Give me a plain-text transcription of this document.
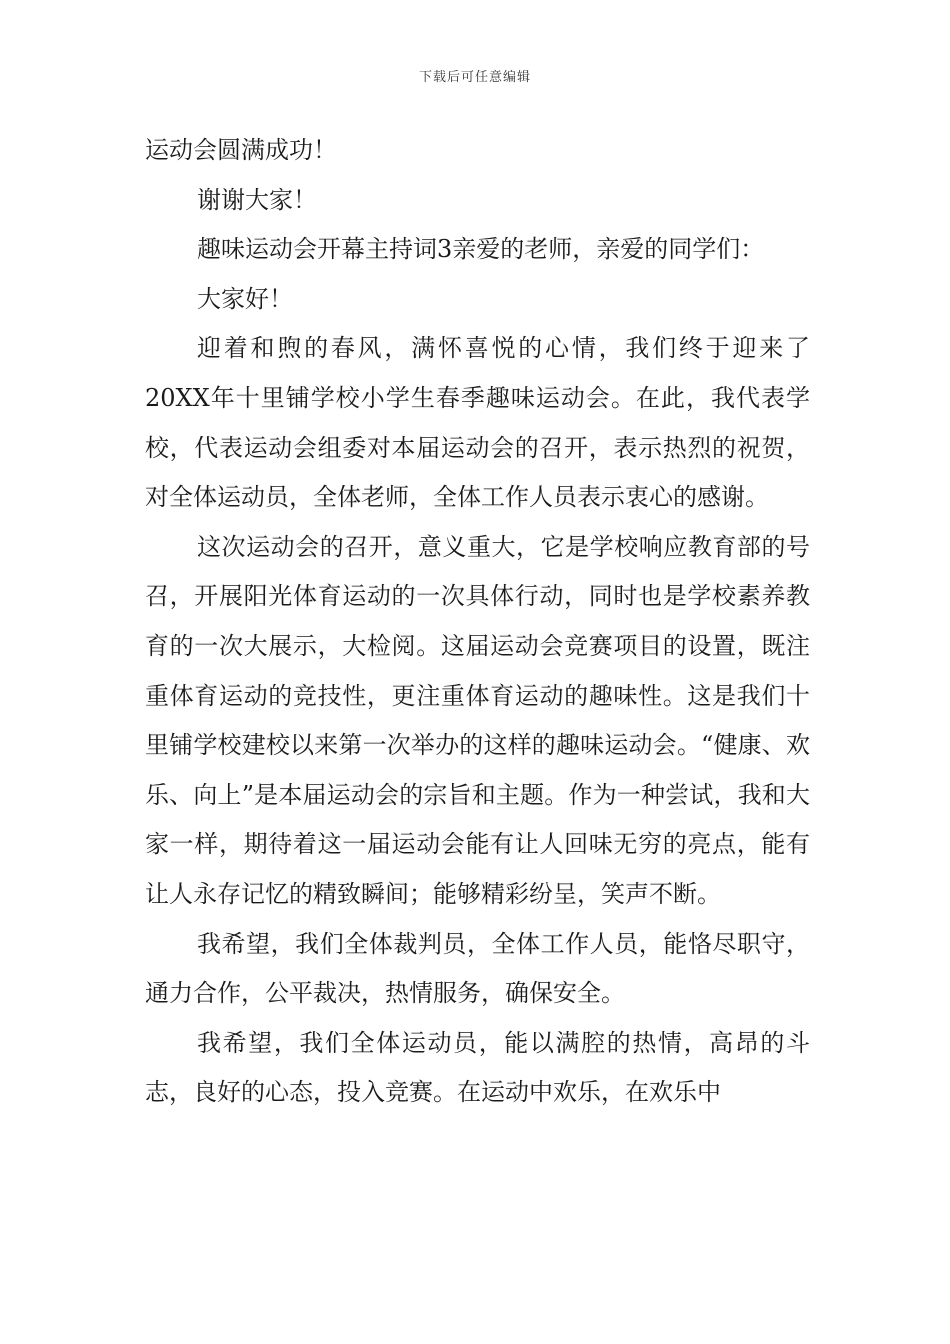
下载后可任意编辑

运动会圆满成功！

谢谢大家！

趣味运动会开幕主持词3亲爱的老师，亲爱的同学们：

大家好！

迎着和煦的春风，满怀喜悦的心情，我们终于迎来了20XX年十里铺学校小学生春季趣味运动会。在此，我代表学校，代表运动会组委对本届运动会的召开，表示热烈的祝贺，对全体运动员，全体老师，全体工作人员表示衷心的感谢。

这次运动会的召开，意义重大，它是学校响应教育部的号召，开展阳光体育运动的一次具体行动，同时也是学校素养教育的一次大展示，大检阅。这届运动会竞赛项目的设置，既注重体育运动的竞技性，更注重体育运动的趣味性。这是我们十里铺学校建校以来第一次举办的这样的趣味运动会。“健康、欢乐、向上”是本届运动会的宗旨和主题。作为一种尝试，我和大家一样，期待着这一届运动会能有让人回味无穷的亮点，能有让人永存记忆的精致瞬间；能够精彩纷呈，笑声不断。

我希望，我们全体裁判员，全体工作人员，能恪尽职守，通力合作，公平裁决，热情服务，确保安全。

我希望，我们全体运动员，能以满腔的热情，高昂的斗志，良好的心态，投入竞赛。在运动中欢乐，在欢乐中
